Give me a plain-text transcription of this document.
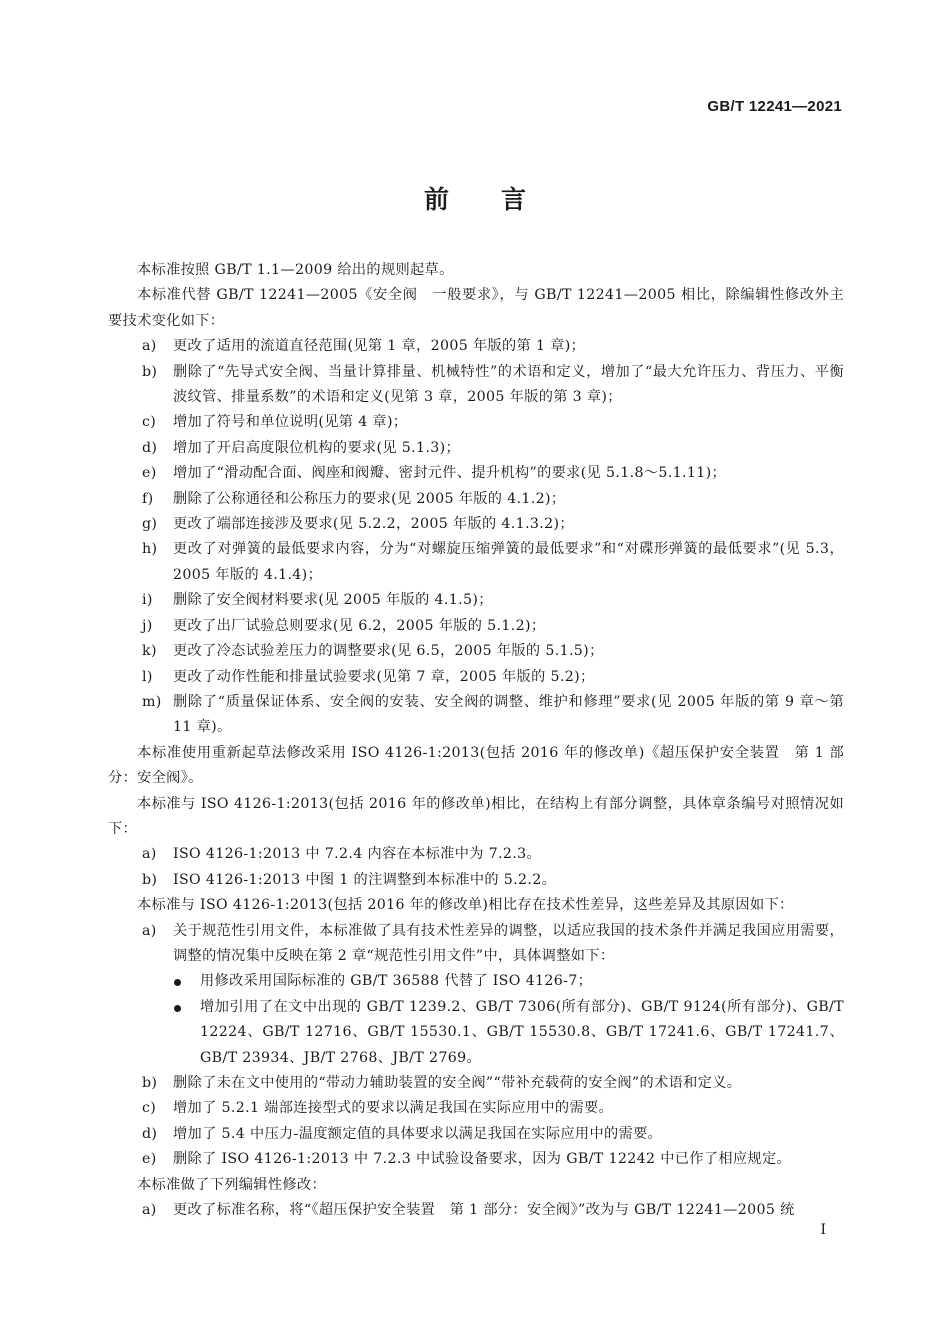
GB/T 12241—2021
前言
本标准按照 GB/T 1.1—2009 给出的规则起草。
本标准代替 GB/T 12241—2005《安全阀　一般要求》，与 GB/T 12241—2005 相比，除编辑性修改外主要技术变化如下：
a) 更改了适用的流道直径范围(见第 1 章，2005 年版的第 1 章)；
b) 删除了“先导式安全阀、当量计算排量、机械特性”的术语和定义，增加了“最大允许压力、背压力、平衡波纹管、排量系数”的术语和定义(见第 3 章，2005 年版的第 3 章)；
c) 增加了符号和单位说明(见第 4 章)；
d) 增加了开启高度限位机构的要求(见 5.1.3)；
e) 增加了“滑动配合面、阀座和阀瓣、密封元件、提升机构”的要求(见 5.1.8～5.1.11)；
f) 删除了公称通径和公称压力的要求(见 2005 年版的 4.1.2)；
g) 更改了端部连接涉及要求(见 5.2.2，2005 年版的 4.1.3.2)；
h) 更改了对弹簧的最低要求内容，分为“对螺旋压缩弹簧的最低要求”和“对碟形弹簧的最低要求”(见 5.3，2005 年版的 4.1.4)；
i) 删除了安全阀材料要求(见 2005 年版的 4.1.5)；
j) 更改了出厂试验总则要求(见 6.2，2005 年版的 5.1.2)；
k) 更改了冷态试验差压力的调整要求(见 6.5，2005 年版的 5.1.5)；
l) 更改了动作性能和排量试验要求(见第 7 章，2005 年版的 5.2)；
m) 删除了“质量保证体系、安全阀的安装、安全阀的调整、维护和修理”要求(见 2005 年版的第 9 章～第 11 章)。
本标准使用重新起草法修改采用 ISO 4126-1:2013(包括 2016 年的修改单)《超压保护安全装置　第 1 部分：安全阀》。
本标准与 ISO 4126-1:2013(包括 2016 年的修改单)相比，在结构上有部分调整，具体章条编号对照情况如下：
a) ISO 4126-1:2013 中 7.2.4 内容在本标准中为 7.2.3。
b) ISO 4126-1:2013 中图 1 的注调整到本标准中的 5.2.2。
本标准与 ISO 4126-1:2013(包括 2016 年的修改单)相比存在技术性差异，这些差异及其原因如下：
a) 关于规范性引用文件，本标准做了具有技术性差异的调整，以适应我国的技术条件并满足我国应用需要，调整的情况集中反映在第 2 章“规范性引用文件”中，具体调整如下：
用修改采用国际标准的 GB/T 36588 代替了 ISO 4126-7；
增加引用了在文中出现的 GB/T 1239.2、GB/T 7306(所有部分)、GB/T 9124(所有部分)、GB/T 12224、GB/T 12716、GB/T 15530.1、GB/T 15530.8、GB/T 17241.6、GB/T 17241.7、GB/T 23934、JB/T 2768、JB/T 2769。
b) 删除了未在文中使用的“带动力辅助装置的安全阀”“带补充载荷的安全阀”的术语和定义。
c) 增加了 5.2.1 端部连接型式的要求以满足我国在实际应用中的需要。
d) 增加了 5.4 中压力-温度额定值的具体要求以满足我国在实际应用中的需要。
e) 删除了 ISO 4126-1:2013 中 7.2.3 中试验设备要求，因为 GB/T 12242 中已作了相应规定。
本标准做了下列编辑性修改：
a) 更改了标准名称，将“《超压保护安全装置　第 1 部分：安全阀》”改为与 GB/T 12241—2005 统
I
